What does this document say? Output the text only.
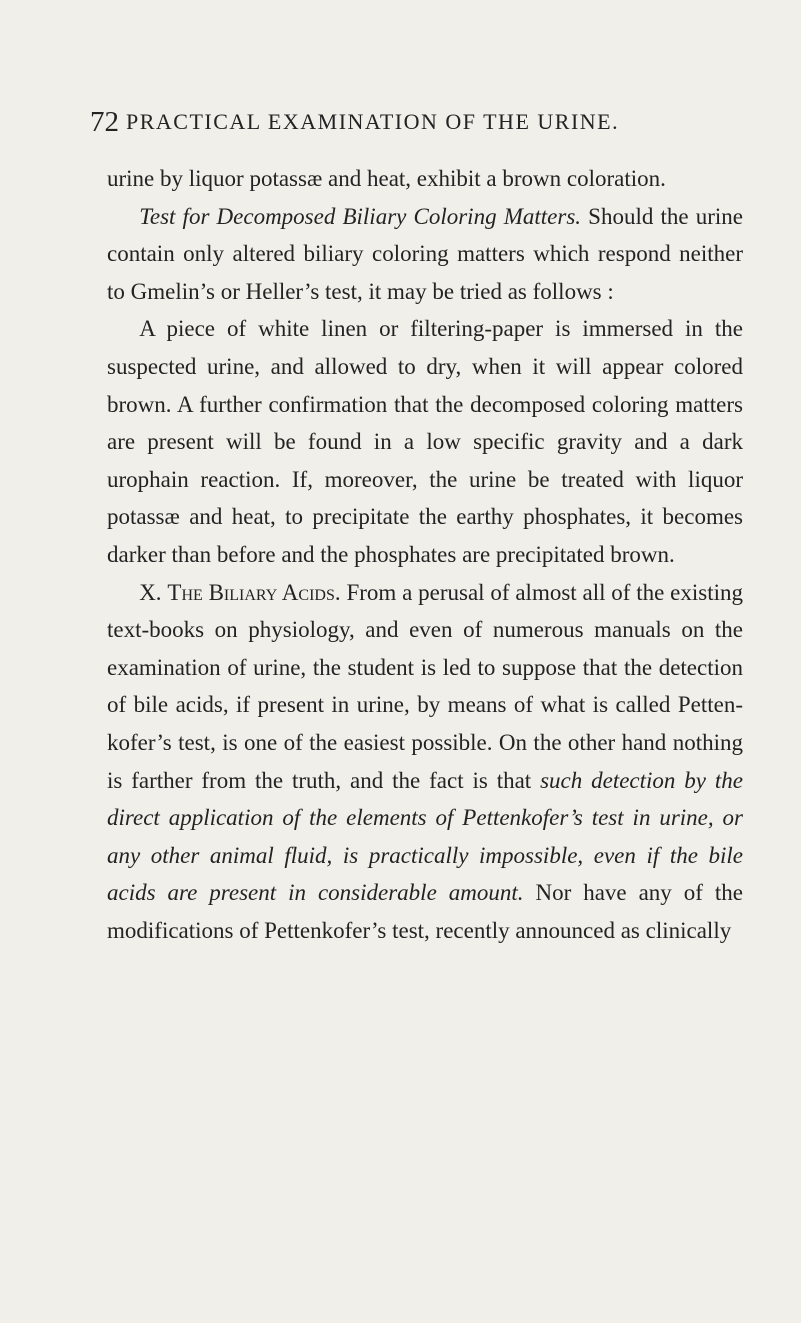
72 PRACTICAL EXAMINATION OF THE URINE.

urine by liquor potassæ and heat, exhibit a brown coloration.

Test for Decomposed Biliary Coloring Matters. Should the urine contain only altered biliary coloring matters which respond neither to Gmelin’s or Heller’s test, it may be tried as follows :

A piece of white linen or filtering-paper is immersed in the suspected urine, and allowed to dry, when it will appear colored brown. A further confirmation that the decomposed coloring matters are present will be found in a low specific gravity and a dark urophain reaction. If, moreover, the urine be treated with liquor potassæ and heat, to precipitate the earthy phosphates, it becomes darker than before and the phosphates are precipitated brown.

X. The Biliary Acids. From a perusal of almost all of the existing text-books on physiology, and even of numerous manuals on the examination of urine, the student is led to suppose that the detection of bile acids, if present in urine, by means of what is called Petten-kofer’s test, is one of the easiest possible. On the other hand nothing is farther from the truth, and the fact is that such detection by the direct application of the elements of Pettenkofer’s test in urine, or any other animal fluid, is practically impossible, even if the bile acids are present in considerable amount. Nor have any of the modifications of Pettenkofer’s test, recently announced as clinically
